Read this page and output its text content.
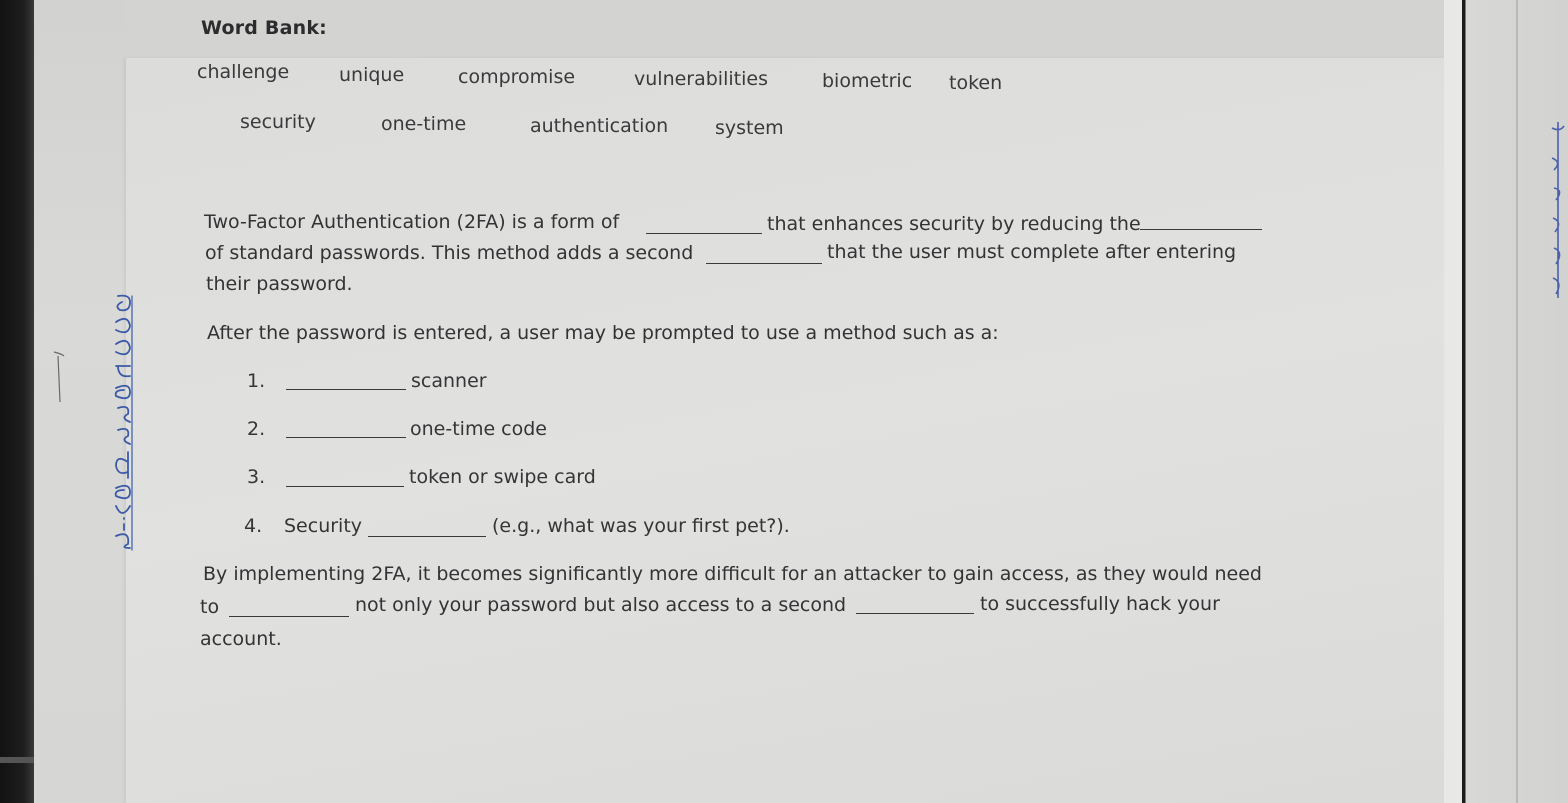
Word Bank:
challenge	unique	compromise	vulnerabilities	biometric token
security	one-time	authentication system
Two-Factor Authentication (2FA) is a form of	that enhances security by reducing the
of standard passwords. This method adds a second	that the user must complete after entering
their password.
After the password is entered, a user may be prompted to use a method such as a:
1.	scanner
2.	one-time code
3.	token or swipe card
4. Security	(e.g., what was your first pet?).
By implementing 2FA, it becomes significantly more difficult for an attacker to gain access, as they would need
to	not only your password but also access to a second	to successfully hack your
account.
